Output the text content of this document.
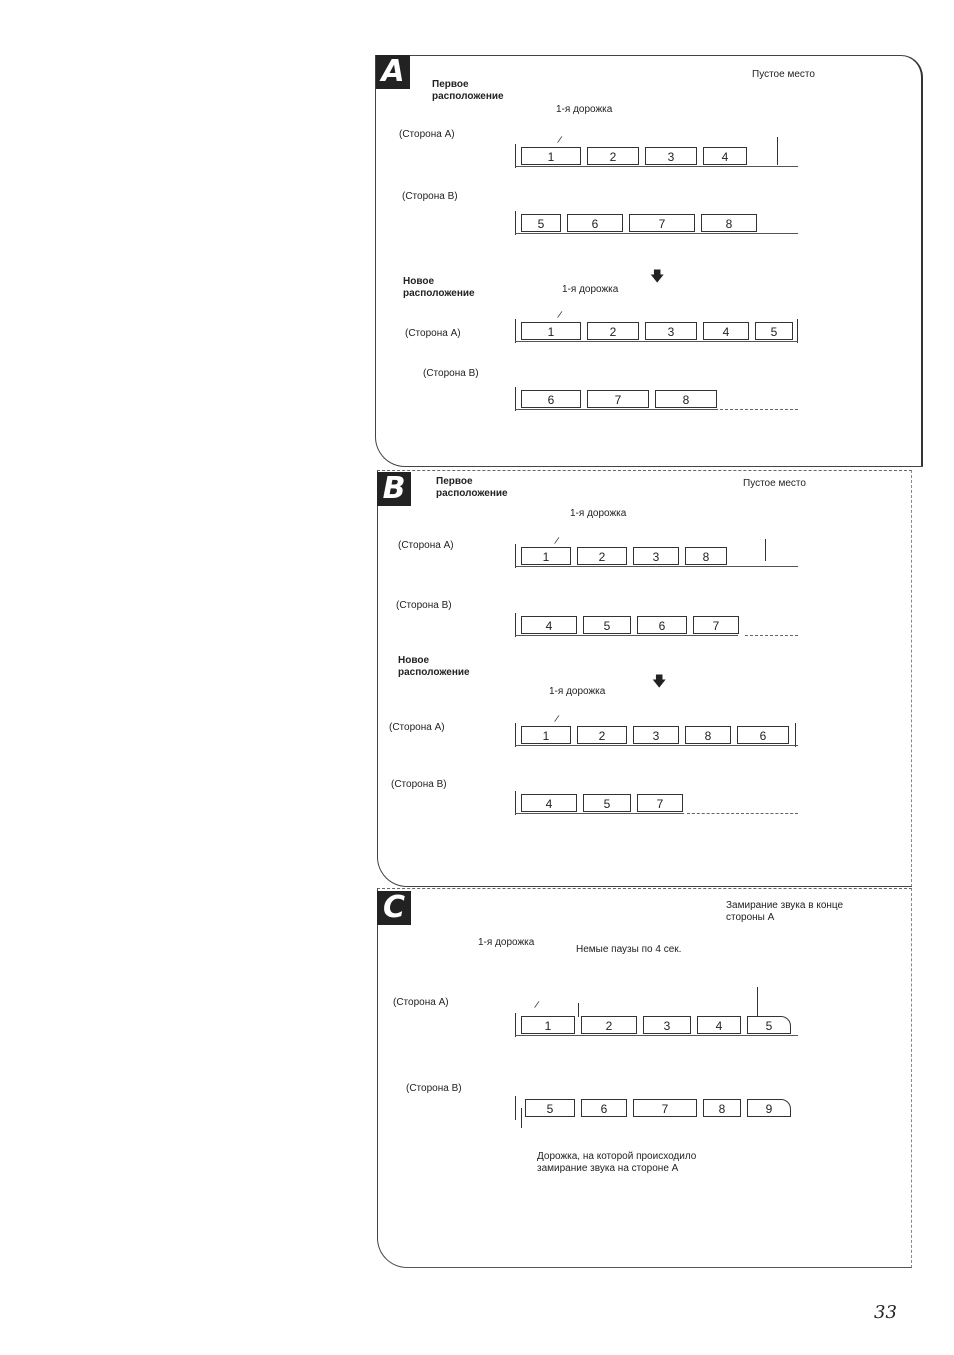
A	Первое расположение
Пустое место
1-я дорожка
(Сторона А)
(Сторона В)
/
1	2	3	4
5	6	7	8
🡇
Новое расположение	1-я дорожка
(Сторона А)
(Сторона В)
/
1	2	3	4	5
6	7	8
B	Первое расположение
Пустое место
1-я дорожка
(Сторона А)
(Сторона В)
/
1	2	3	8
4	5	6	7
Новое расположение
🡇
1-я дорожка
(Сторона А)
(Сторона В)
/
1	2	3	8	6
4	5	7
C	Замирание звука в конце стороны А
1-я дорожка
Немые паузы по 4 сек.
(Сторона А)
(Сторона В)
/
1	2	3	4	5
5	6	7	8	9
Дорожка, на которой происходило замирание звука на стороне А
33
